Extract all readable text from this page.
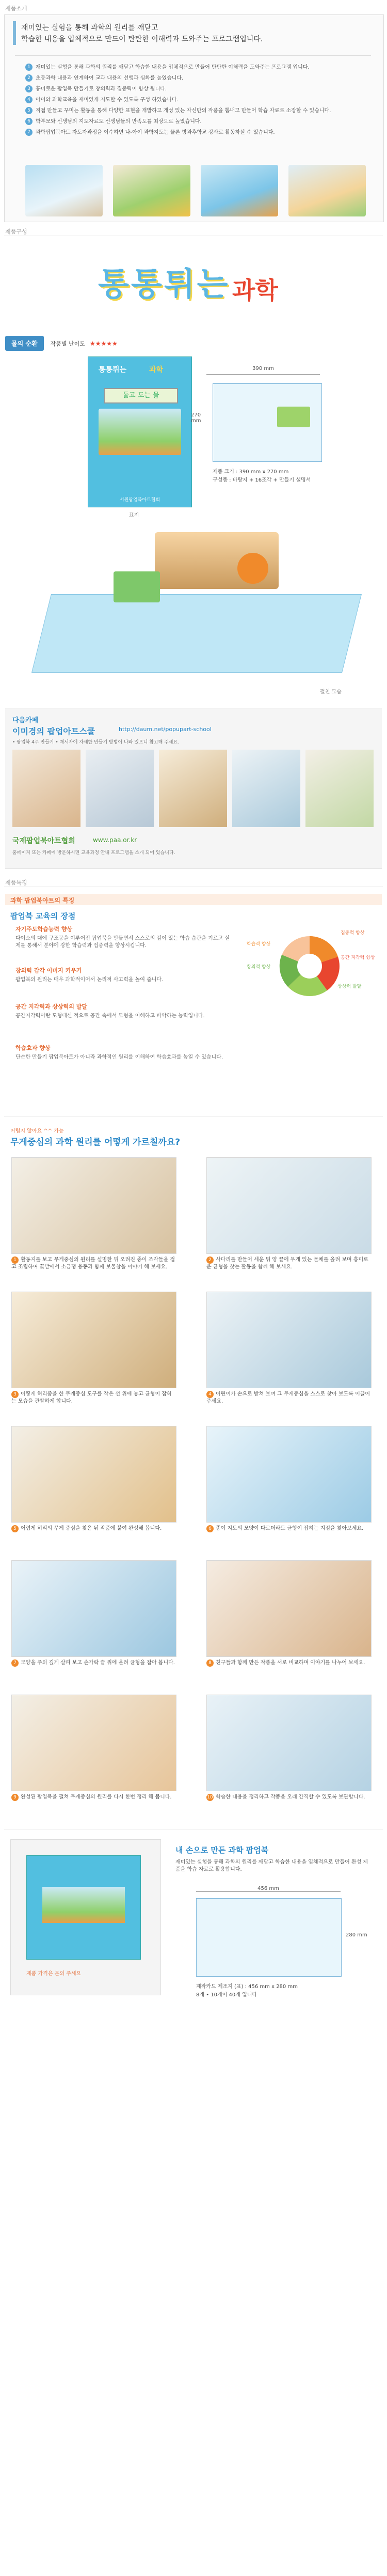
제품소개

재미있는 실험을 통해 과학의 원리를 깨닫고

학습한 내용을 입체적으로 만드어 탄탄한 이해력과 도와주는 프로그램입니다.

1	재미있는 실험을 통해 과학의 원리를 깨닫고 학습한 내용을 입체적으로 만들어 탄탄한 이해력을 도와주는 프로그램 입니다.
2	초등과학 내용과 연계하여 교과 내용의 선행과 심화를 높였습니다.
3	흥미로운 팝업북 만들기로 창의력과 집중력이 향상 됩니다.
4	아이와 과학교육을 재미있게 지도할 수 있도록 구성 하였습니다.
5	직접 만들고 꾸미는 활동을 통해 다양한 표현을 개발하고 개성 있는 자신만의 작품을 뽐내고 만들어 학습 자료로 소장할 수 있습니다.
6	학부모와 선생님의 지도자료도 선생님들의 만족도를 최상으로 높였습니다.
7	과학팝업북아트 자도자과정을 이수하면 나-아이 과학지도는 물론 방과후학교 강사로 활동하실 수 있습니다.
제품구성
통통튀는 과학
물의 순환 작품별 난이도 ★★★★★
통통튀는	과학
돌고 도는 물
서원팝업북아트협회
390 mm
270 mm
제품 크기 : 390 mm x 270 mm
구성품 : 바탕지 + 16조각 + 만들기 설명서
표지
펼친 모습
다음카페
이미경의 팝업아트스쿨	http://daum.net/popupart-school
• 팝업북 4주 만들기 • 재서자에 자세한 만들기 방법이 나와 있으니 참고해 주세요.
국제팝업북아트협회	www.paa.or.kr
홈페이지 또는 카페에 방문하시면 교육과정 안내 프로그램을 소개 되어 있습니다.
제품특징
과학 팝업북아트의 특징
팝업북 교육의 장점
자기주도학습능력 향상
다이소의 대에 구조공을 이루어진 팝업북을 만들면서 스스로의 깊이 있는 학습 습관을 기르고 실제를 통해서 분야에 강한 학습력과 집중력을 향상시킵니다.
창의력 감각 이미지 키우기
팝업북의 원리는 매우 과학적이어서 논리적 사고력을 높여 줍니다.
공간 지각력과 상상력의 발달
공간지각력이란 도형대신 적으로 공간 속에서 모형을 이해하고 파악하는 능력입니다.
학습효과 향상
단순한 만들기 팝업북아트가 아니라 과학적인 원리를 이해하여 학습효과를 높일 수 있습니다.
집중력 향상
공간 지각력 향상
상상력 발달
창의력 향상
학습력 향상
어렵지 않아요 ^^ 가능
무게중심의 과학 원리를 어떻게 가르칠까요?
1 활동지를 보고 무게중심의 원리를 설명한 뒤 오려진 종이 조각들을 접고 조립하여 꽃밭에서 소금쟁 용동과 함께 보물창을 이야기 해 보세요.
2 사다리를 만들어 세운 뒤 양 끝에 무게 있는 물체를 올려 보며 흥미로운 균형을 찾는 활동을 함께 해 보세요.
3 어떻게 허리줍을 한 무게중심 도구를 작은 선 위에 놓고 균형이 잡히는 모습을 관찰하게 합니다.
4 어린이가 손으로 받쳐 보며 그 무게중심을 스스로 찾아 보도록 이끌어 주세요.
5 어렵게 허리의 무게 중심을 찾은 뒤 작품에 붙여 완성해 봅니다.	6 종이 지도의 모양이 다르더라도 균형이 잡히는 지점을 찾아보세요.
7 모양을 주의 깊게 살펴 보고 손가락 끝 위에 올려 균형을 잡아 봅니다.	8 친구들과 함께 만든 작품을 서로 비교하며 이야기를 나누어 보세요.
9 완성된 팝업북을 펼쳐 무게중심의 원리를 다시 한번 정리 해 봅니다.	10 학습한 내용을 정리하고 작품을 오래 간직할 수 있도록 보관합니다.
제품 가격은 문의 주세요
내 손으로 만든 과학 팝업북
재미있는 실험을 통해 과학의 원리를 깨닫고 학습한 내용을 입체적으로 만들어 완성 제품을 학습 자료로 활용합니다.
456 mm
280 mm
제작카드 제조지 (표) : 456 mm x 280 mm
8개 • 10개이 40개 입니다
